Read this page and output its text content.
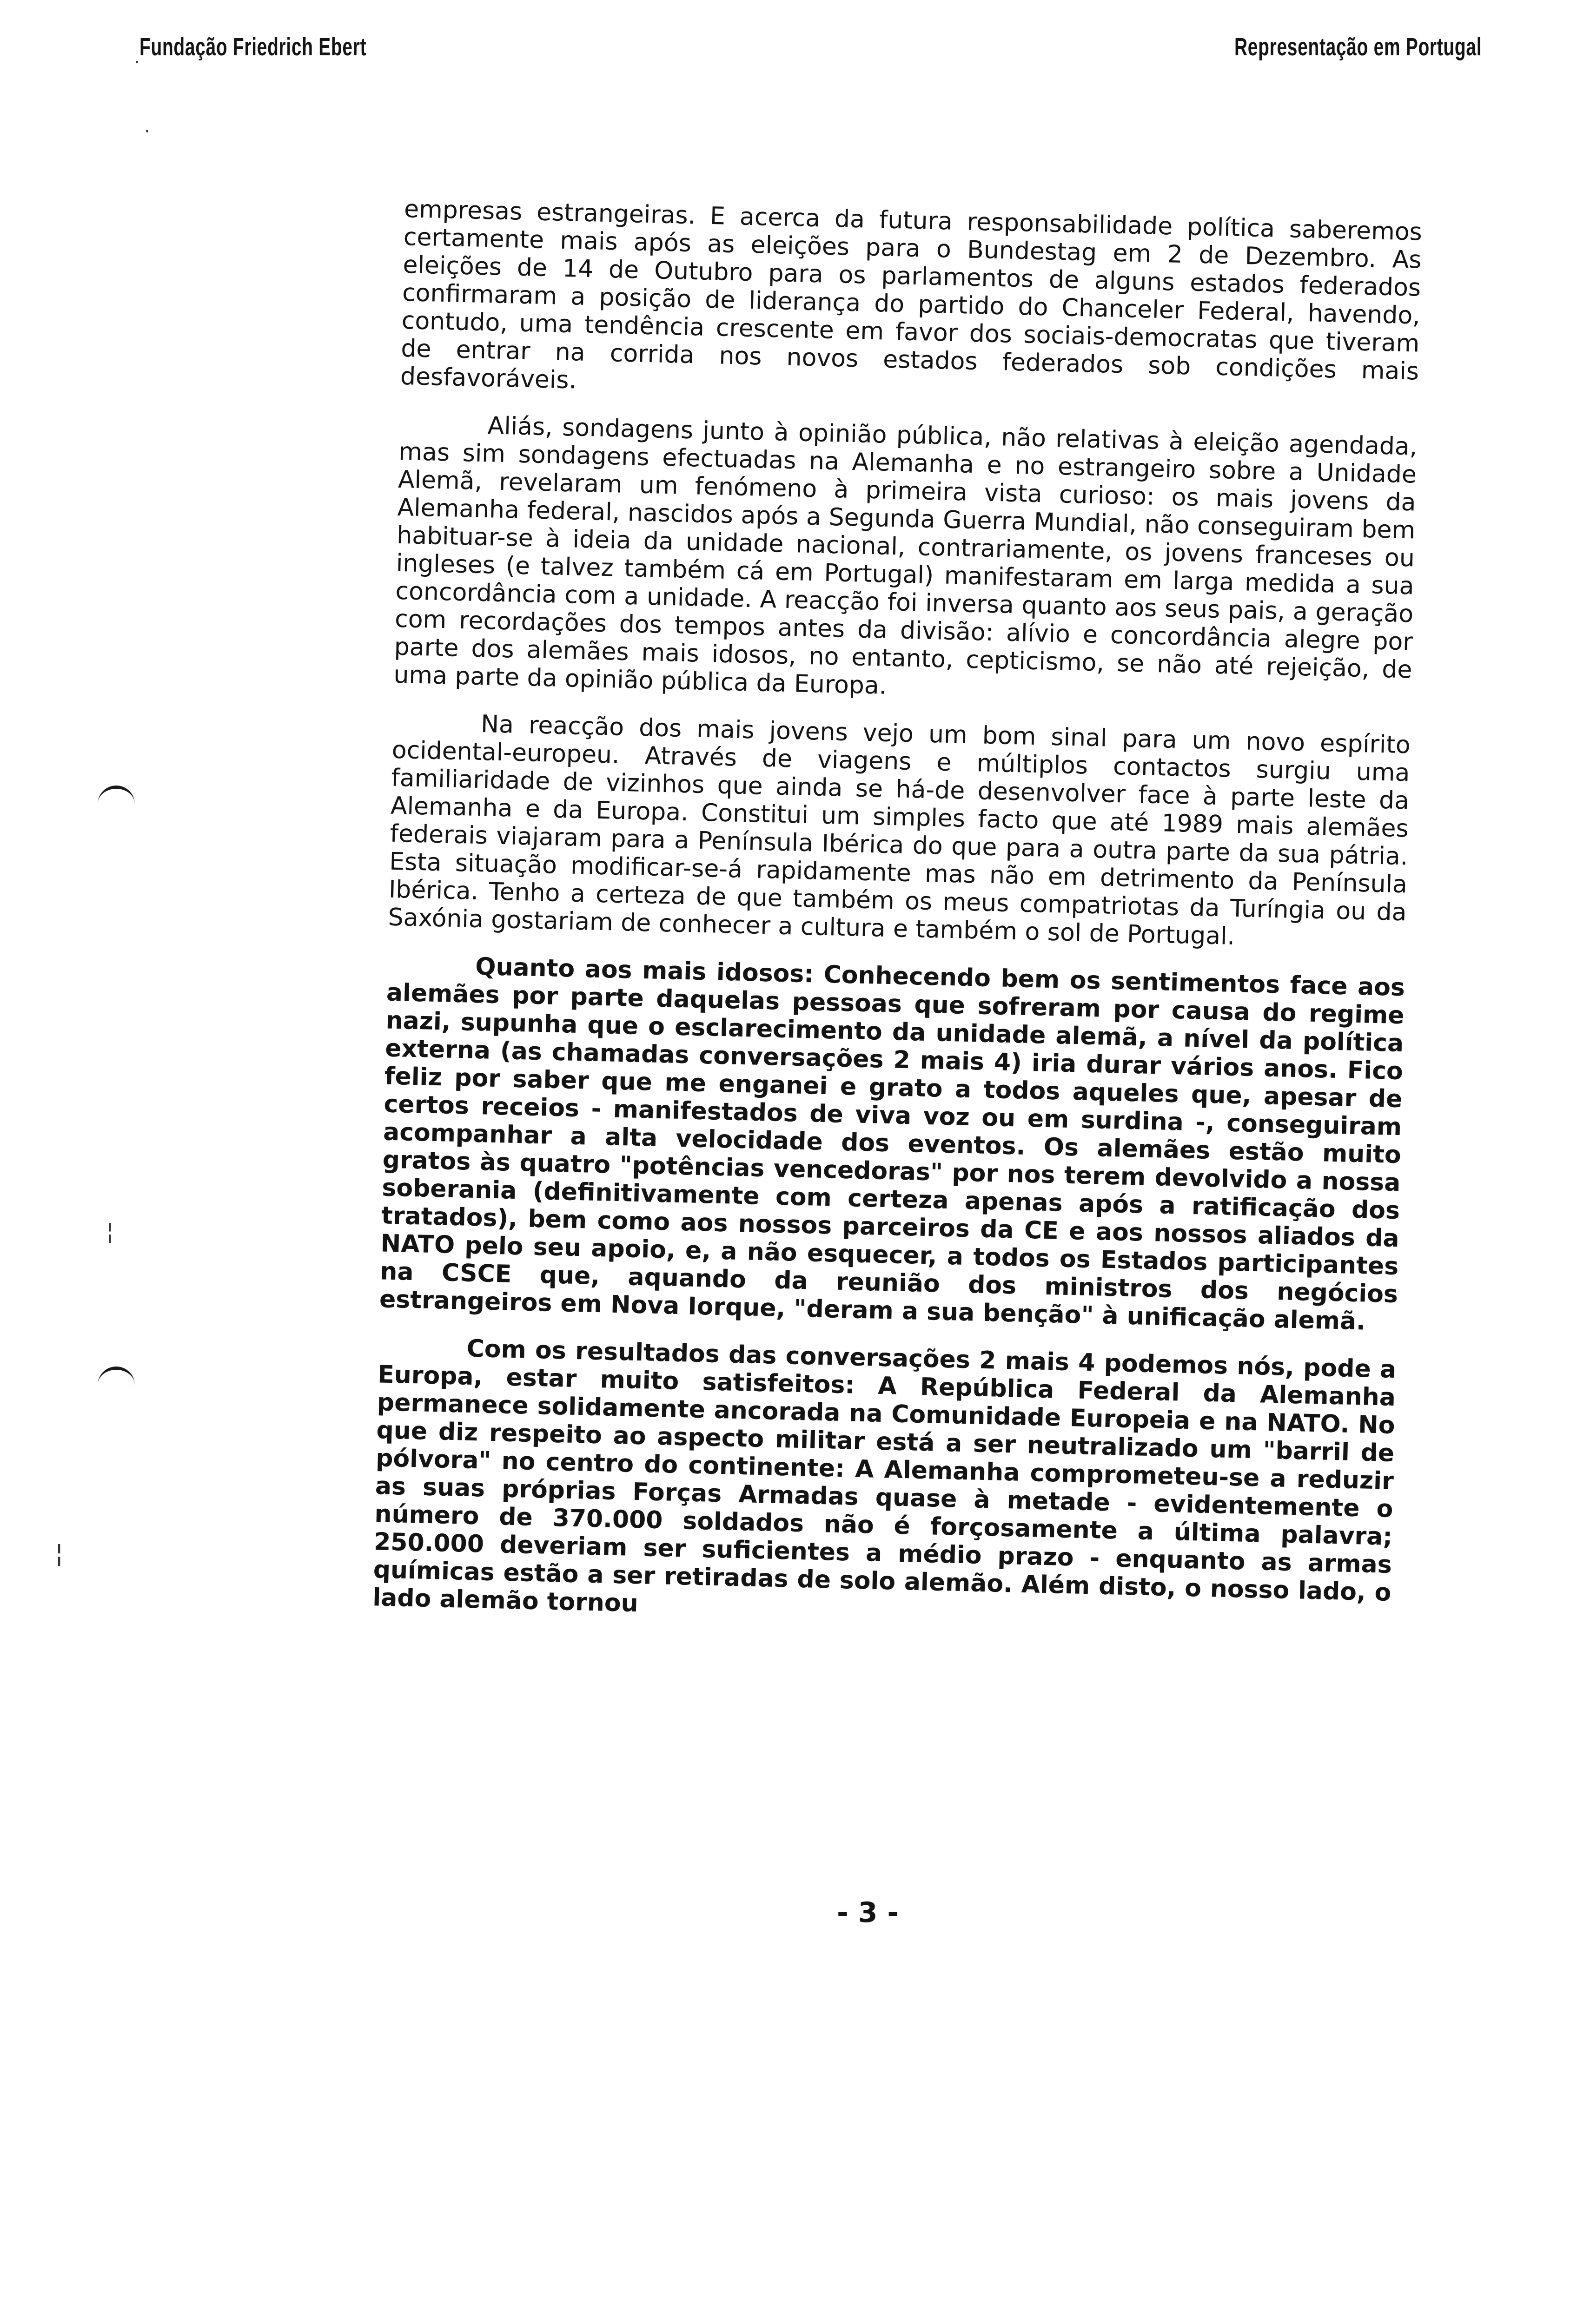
Fundação Friedrich Ebert	Representação em Portugal
.
·

empresas estrangeiras. E acerca da futura responsabilidade política saberemos certamente mais após as eleições para o Bundestag em 2 de Dezembro. As eleições de 14 de Outubro para os parlamentos de alguns estados federados confirmaram a posição de liderança do partido do Chanceler Federal, havendo, contudo, uma tendência crescente em favor dos sociais-democratas que tiveram de entrar na corrida nos novos estados federados sob condições mais desfavoráveis.

Aliás, sondagens junto à opinião pública, não relativas à eleição agendada, mas sim sondagens efectuadas na Alemanha e no estrangeiro sobre a Unidade Alemã, revelaram um fenómeno à primeira vista curioso: os mais jovens da Alemanha federal, nascidos após a Segunda Guerra Mundial, não conseguiram bem habituar-se à ideia da unidade nacional, contrariamente, os jovens franceses ou ingleses (e talvez também cá em Portugal) manifestaram em larga medida a sua concordância com a unidade. A reacção foi inversa quanto aos seus pais, a geração com recordações dos tempos antes da divisão: alívio e concordância alegre por parte dos alemães mais idosos, no entanto, cepticismo, se não até rejeição, de uma parte da opinião pública da Europa.

Na reacção dos mais jovens vejo um bom sinal para um novo espírito ocidental-europeu. Através de viagens e múltiplos contactos surgiu uma familiaridade de vizinhos que ainda se há-de desenvolver face à parte leste da Alemanha e da Europa. Constitui um simples facto que até 1989 mais alemães federais viajaram para a Península Ibérica do que para a outra parte da sua pátria. Esta situação modificar-se-á rapidamente mas não em detrimento da Península Ibérica. Tenho a certeza de que também os meus compatriotas da Turíngia ou da Saxónia gostariam de conhecer a cultura e também o sol de Portugal.

Quanto aos mais idosos: Conhecendo bem os sentimentos face aos alemães por parte daquelas pessoas que sofreram por causa do regime nazi, supunha que o esclarecimento da unidade alemã, a nível da política externa (as chamadas conversações 2 mais 4) iria durar vários anos. Fico feliz por saber que me enganei e grato a todos aqueles que, apesar de certos receios - manifestados de viva voz ou em surdina -, conseguiram acompanhar a alta velocidade dos eventos. Os alemães estão muito gratos às quatro "potências vencedoras" por nos terem devolvido a nossa soberania (definitivamente com certeza apenas após a ratificação dos tratados), bem como aos nossos parceiros da CE e aos nossos aliados da NATO pelo seu apoio, e, a não esquecer, a todos os Estados participantes na CSCE que, aquando da reunião dos ministros dos negócios estrangeiros em Nova Iorque, "deram a sua benção" à unificação alemã.

Com os resultados das conversações 2 mais 4 podemos nós, pode a Europa, estar muito satisfeitos: A República Federal da Alemanha permanece solidamente ancorada na Comunidade Europeia e na NATO. No que diz respeito ao aspecto militar está a ser neutralizado um "barril de pólvora" no centro do continente: A Alemanha comprometeu-se a reduzir as suas próprias Forças Armadas quase à metade - evidentemente o número de 370.000 soldados não é forçosamente a última palavra; 250.000 deveriam ser suficientes a médio prazo - enquanto as armas químicas estão a ser retiradas de solo alemão. Além disto, o nosso lado, o lado alemão tornou

¦
¦
- 3 -
